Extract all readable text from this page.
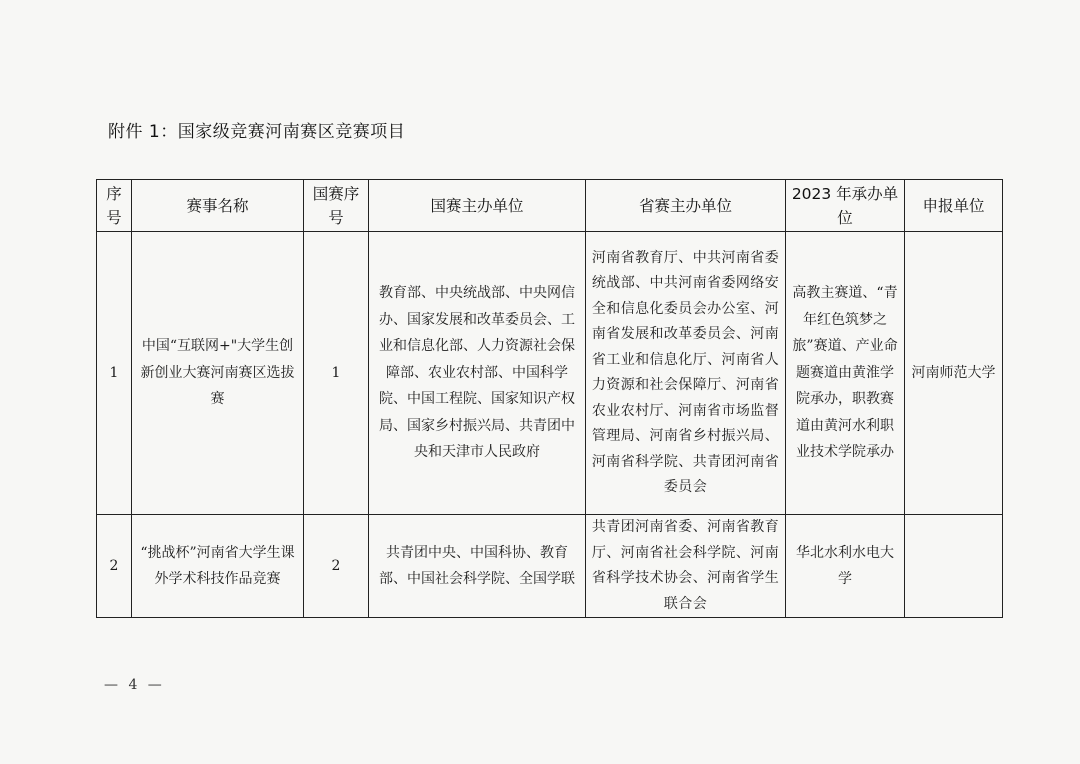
附件 1：国家级竞赛河南赛区竞赛项目
序号	赛事名称	国赛序号	国赛主办单位	省赛主办单位	2023 年承办单位	申报单位
1	中国“互联网+"大学生创新创业大赛河南赛区选拔赛	1	教育部、中央统战部、中央网信办、国家发展和改革委员会、工业和信息化部、人力资源社会保障部、农业农村部、中国科学院、中国工程院、国家知识产权局、国家乡村振兴局、共青团中央和天津市人民政府	河南省教育厅、中共河南省委统战部、中共河南省委网络安全和信息化委员会办公室、河南省发展和改革委员会、河南省工业和信息化厅、河南省人力资源和社会保障厅、河南省农业农村厅、河南省市场监督管理局、河南省乡村振兴局、河南省科学院、共青团河南省委员会	高教主赛道、“青年红色筑梦之旅”赛道、产业命题赛道由黄淮学院承办，职教赛道由黄河水利职业技术学院承办	河南师范大学
2	“挑战杯”河南省大学生课外学术科技作品竞赛	2	共青团中央、中国科协、教育部、中国社会科学院、全国学联	共青团河南省委、河南省教育厅、河南省社会科学院、河南省科学技术协会、河南省学生联合会	华北水利水电大学	
— 4 —
